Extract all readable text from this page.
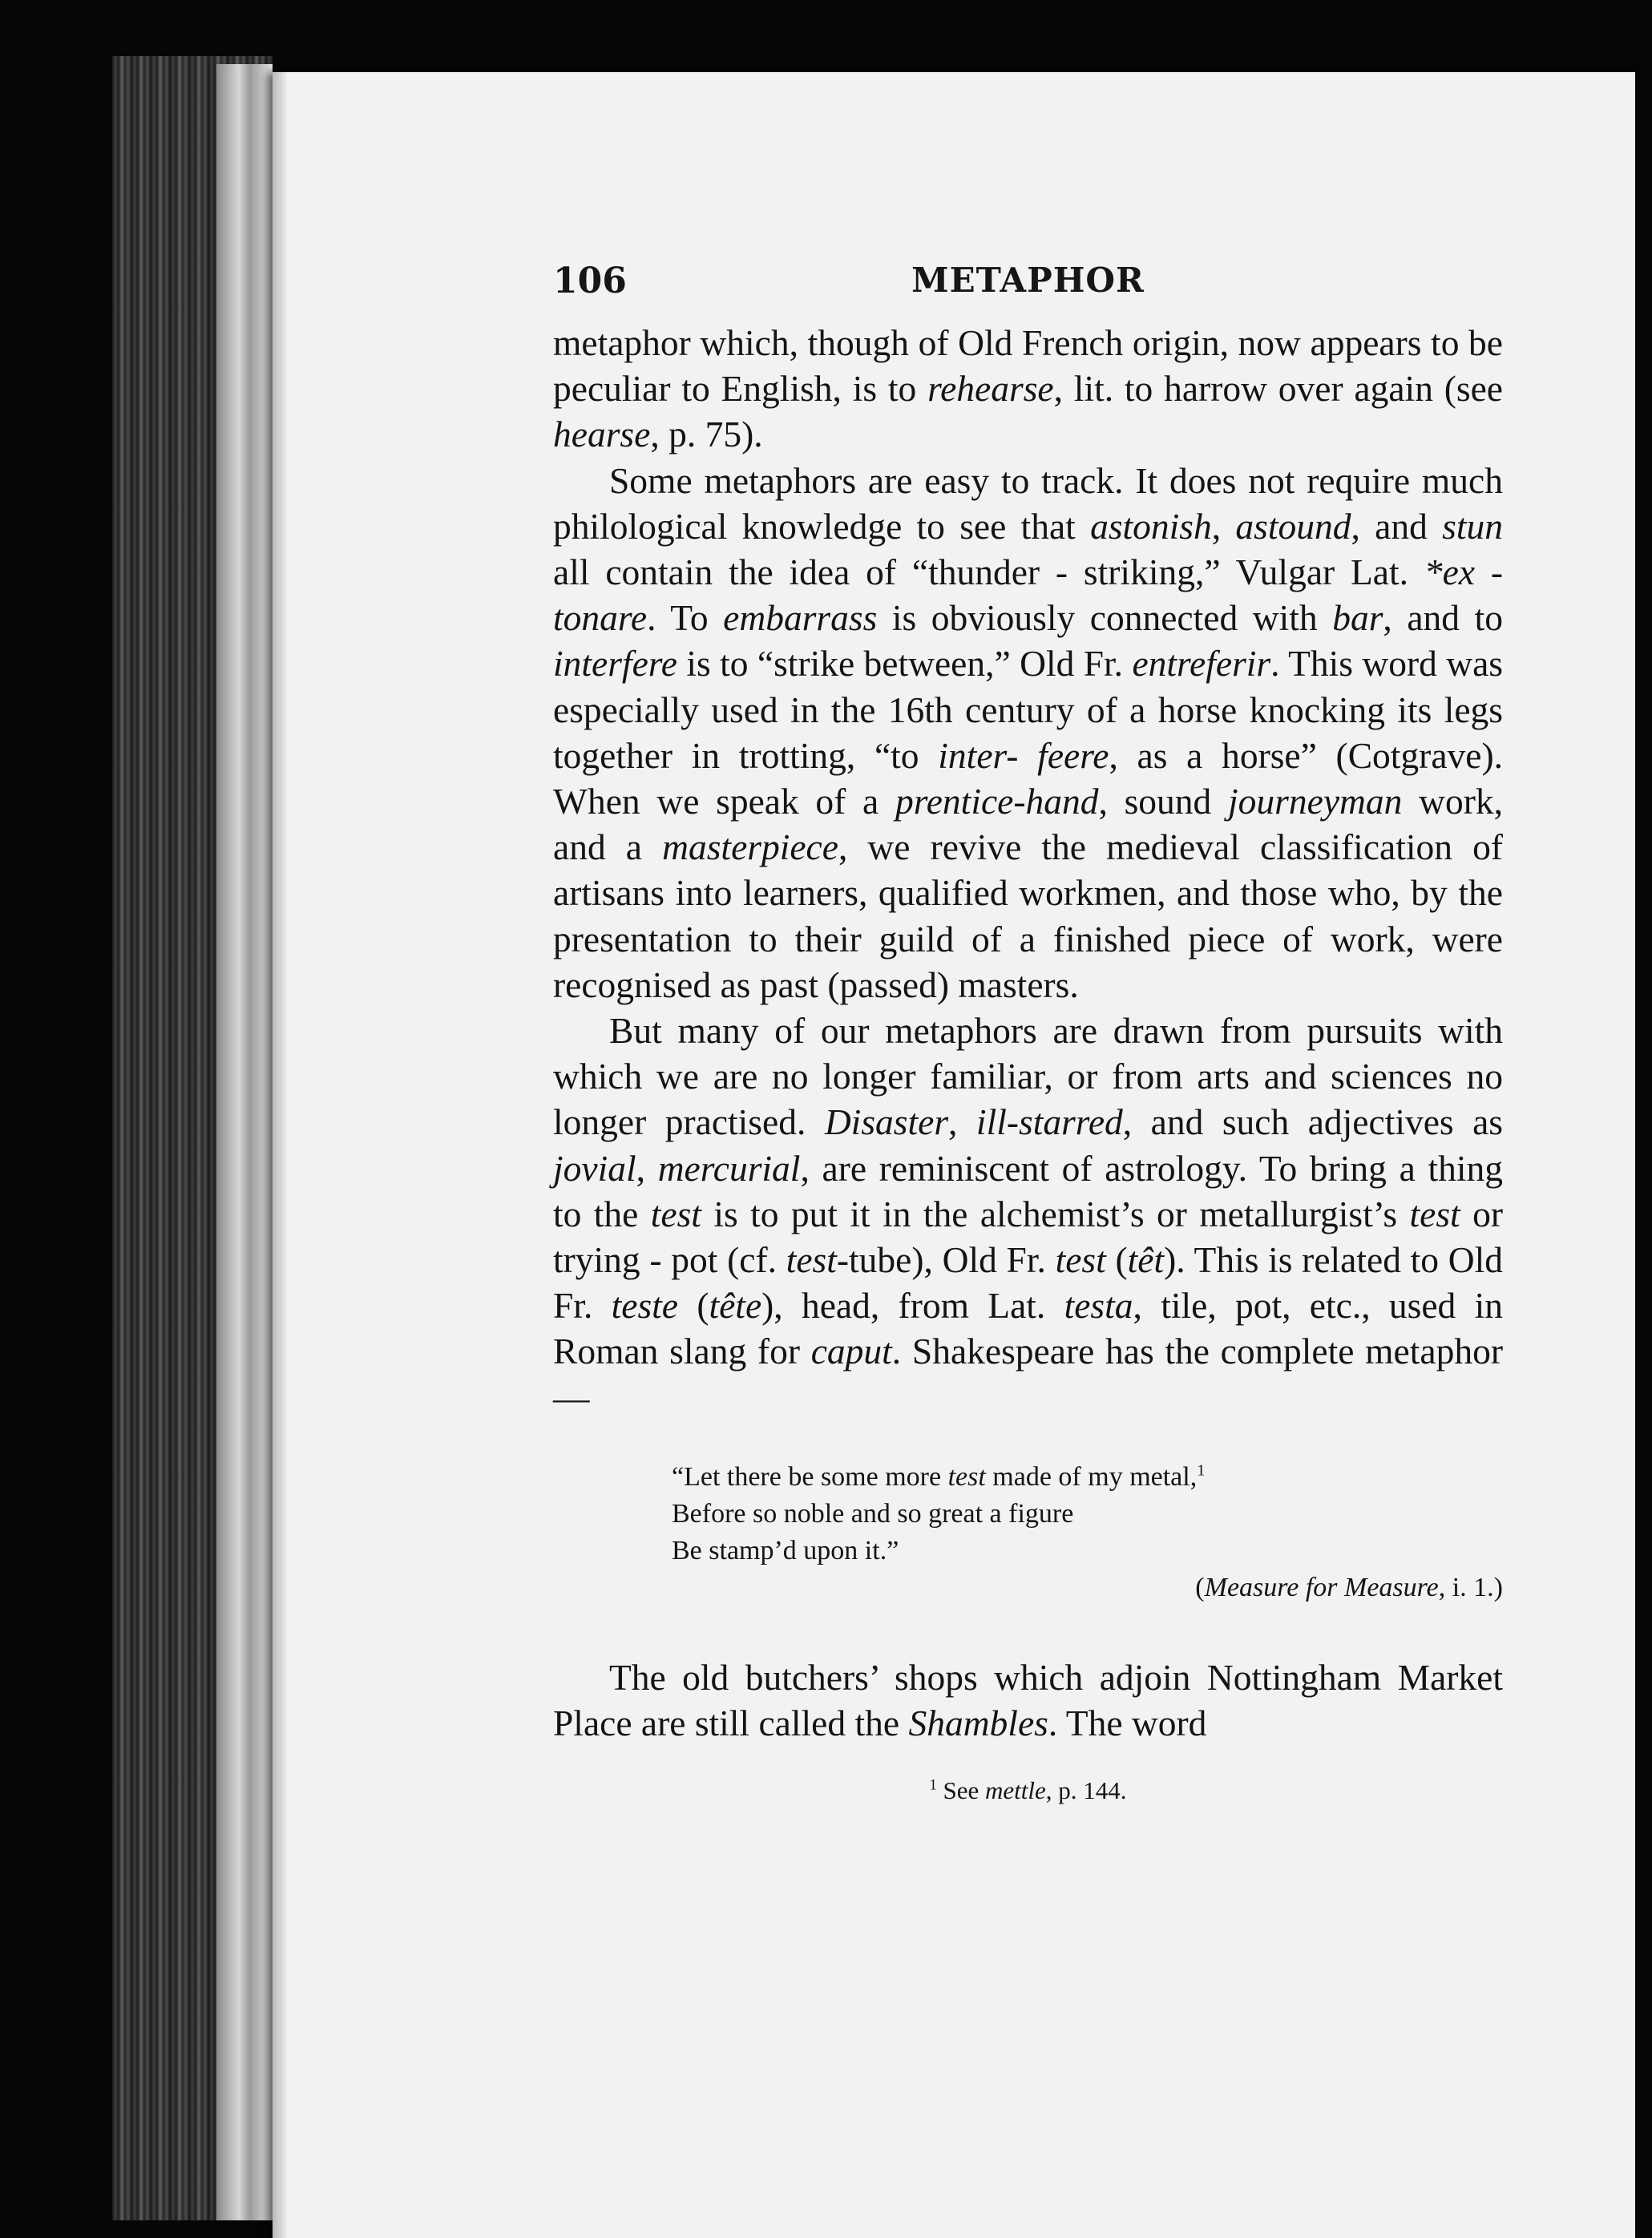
106	METAPHOR

metaphor which, though of Old French origin, now appears to be peculiar to English, is to rehearse, lit. to harrow over again (see hearse, p. 75).

Some metaphors are easy to track. It does not require much philological knowledge to see that astonish, astound, and stun all contain the idea of “thunder - striking,” Vulgar Lat. *ex - tonare. To embarrass is obviously connected with bar, and to interfere is to “strike between,” Old Fr. entreferir. This word was especially used in the 16th century of a horse knocking its legs together in trotting, “to inter- feere, as a horse” (Cotgrave). When we speak of a prentice-hand, sound journeyman work, and a masterpiece, we revive the medieval classification of artisans into learners, qualified workmen, and those who, by the presentation to their guild of a finished piece of work, were recognised as past (passed) masters.

But many of our metaphors are drawn from pursuits with which we are no longer familiar, or from arts and sciences no longer practised. Disaster, ill-starred, and such adjectives as jovial, mercurial, are reminiscent of astrology. To bring a thing to the test is to put it in the alchemist’s or metallurgist’s test or trying - pot (cf. test-tube), Old Fr. test (têt). This is related to Old Fr. teste (tête), head, from Lat. testa, tile, pot, etc., used in Roman slang for caput. Shakespeare has the complete metaphor—

“Let there be some more test made of my metal,$^1$
Before so noble and so great a figure
Be stamp’d upon it.”
(Measure for Measure, i. 1.)

The old butchers’ shops which adjoin Nottingham Market Place are still called the Shambles. The word

$^1$ See mettle, p. 144.
